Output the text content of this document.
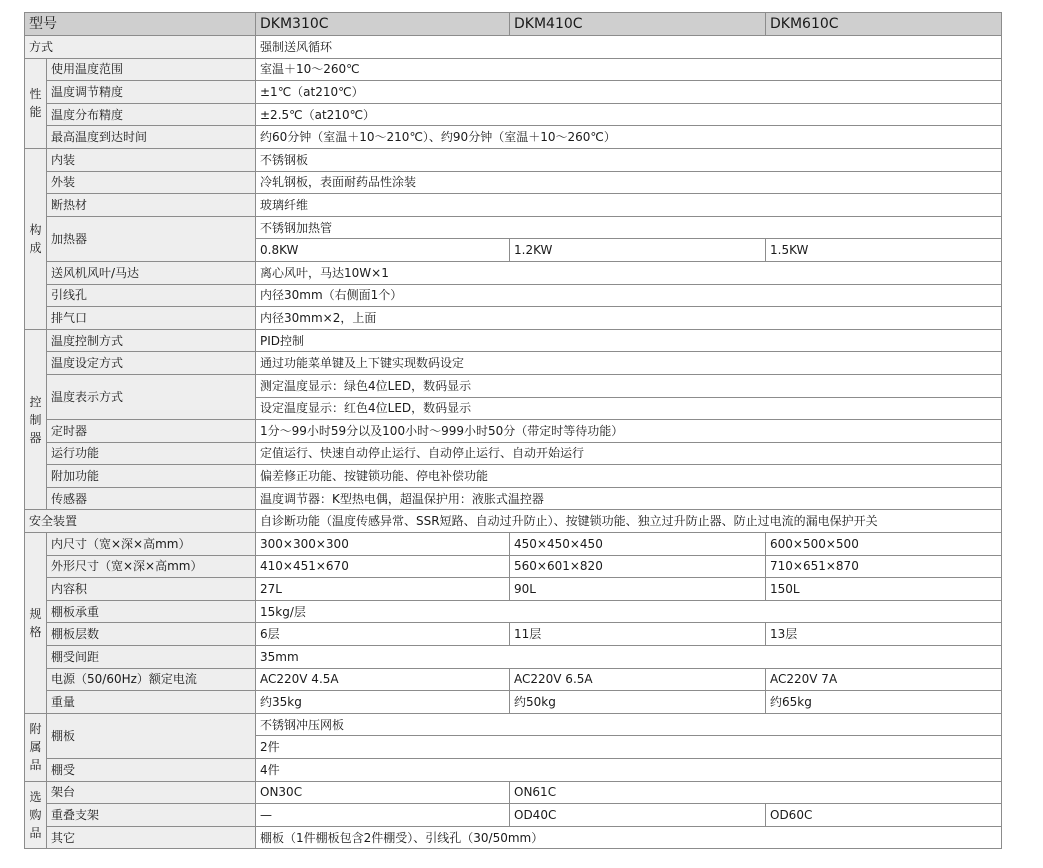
型号		DKM310C	DKM410C	DKM610C
方式		强制送风循环		
性能	使用温度范围	室温＋10～260℃		
	温度调节精度	±1℃（at210℃）		
	温度分布精度	±2.5℃（at210℃）		
	最高温度到达时间	约60分钟（室温＋10～210℃）、约90分钟（室温＋10～260℃）		
构成	内装	不锈钢板		
	外装	冷轧钢板，表面耐药品性涂装		
	断热材	玻璃纤维		
	加热器	不锈钢加热管		
		0.8KW	1.2KW	1.5KW
	送风机风叶/马达	离心风叶，马达10W×1		
	引线孔	内径30mm（右侧面1个）		
	排气口	内径30mm×2，上面		
控制器	温度控制方式	PID控制		
	温度设定方式	通过功能菜单键及上下键实现数码设定		
	温度表示方式	测定温度显示：绿色4位LED，数码显示		
		设定温度显示：红色4位LED，数码显示		
	定时器	1分～99小时59分以及100小时～999小时50分（带定时等待功能）		
	运行功能	定值运行、快速自动停止运行、自动停止运行、自动开始运行		
	附加功能	偏差修正功能、按键锁功能、停电补偿功能		
	传感器	温度调节器：K型热电偶，超温保护用：液胀式温控器		
安全装置		自诊断功能（温度传感异常、SSR短路、自动过升防止）、按键锁功能、独立过升防止器、防止过电流的漏电保护开关		
规格	内尺寸（宽×深×高mm）	300×300×300	450×450×450	600×500×500
	外形尺寸（宽×深×高mm）	410×451×670	560×601×820	710×651×870
	内容积	27L	90L	150L
	棚板承重	15kg/层		
	棚板层数	6层	11层	13层
	棚受间距	35mm		
	电源（50/60Hz）额定电流	AC220V 4.5A	AC220V 6.5A	AC220V 7A
	重量	约35kg	约50kg	约65kg
附属品	棚板	不锈钢冲压网板		
		2件		
	棚受	4件		
选购品	架台	ON30C	ON61C	
	重叠支架	—	OD40C	OD60C
	其它	棚板（1件棚板包含2件棚受）、引线孔（30/50mm）		
